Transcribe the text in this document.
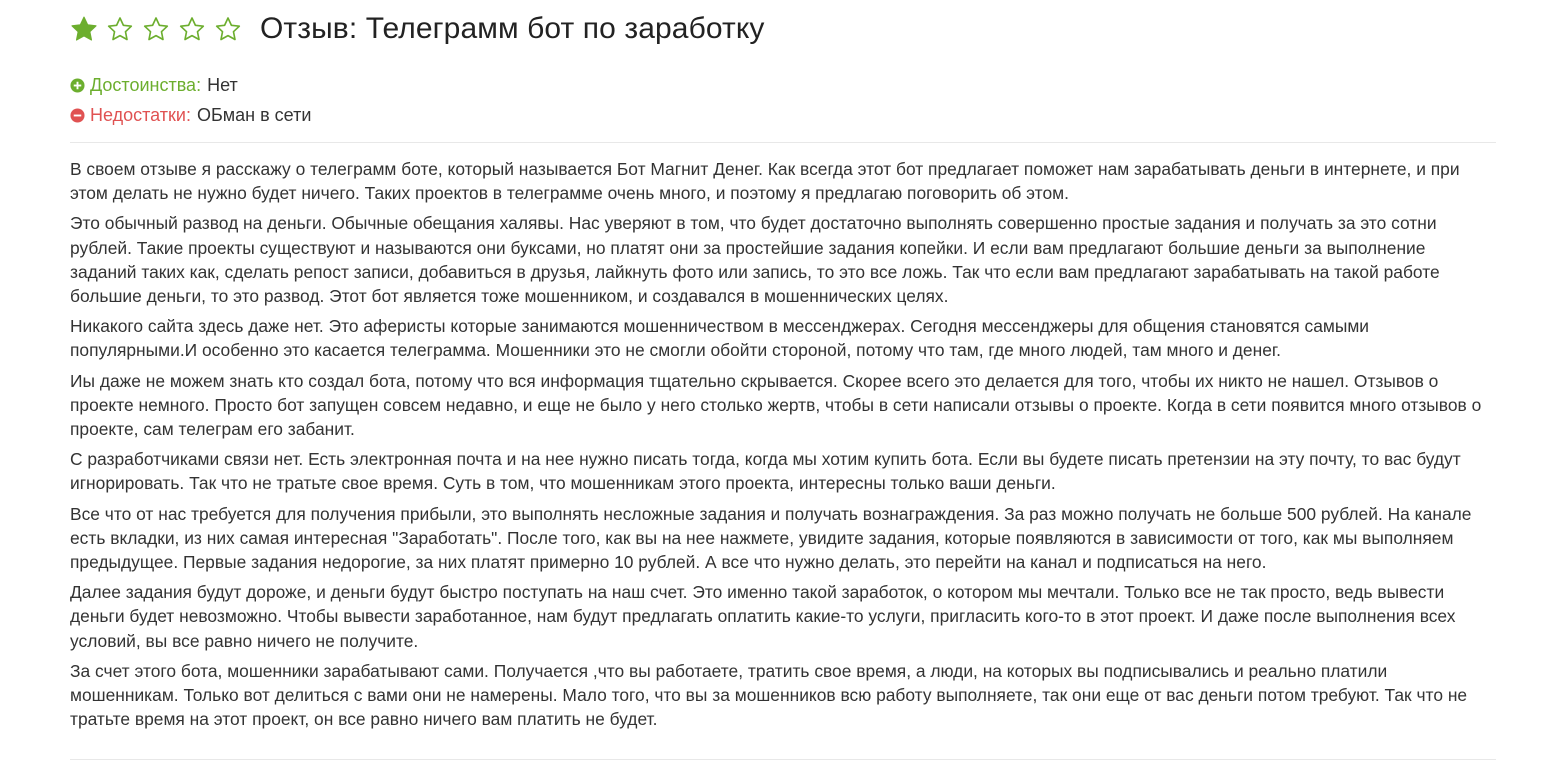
Отзыв: Телеграмм бот по заработку
Достоинства: Нет
Недостатки: ОБман в сети

В своем отзыве я расскажу о телеграмм боте, который называется Бот Магнит Денег. Как всегда этот бот предлагает поможет нам зарабатывать деньги в интернете, и при этом делать не нужно будет ничего. Таких проектов в телеграмме очень много, и поэтому я предлагаю поговорить об этом.

Это обычный развод на деньги. Обычные обещания халявы. Нас уверяют в том, что будет достаточно выполнять совершенно простые задания и получать за это сотни рублей. Такие проекты существуют и называются они буксами, но платят они за простейшие задания копейки. И если вам предлагают большие деньги за выполнение заданий таких как, сделать репост записи, добавиться в друзья, лайкнуть фото или запись, то это все ложь. Так что если вам предлагают зарабатывать на такой работе большие деньги, то это развод. Этот бот является тоже мошенником, и создавался в мошеннических целях.

Никакого сайта здесь даже нет. Это аферисты которые занимаются мошенничеством в мессенджерах. Сегодня мессенджеры для общения становятся самыми популярными.И особенно это касается телеграмма. Мошенники это не смогли обойти стороной, потому что там, где много людей, там много и денег.

Иы даже не можем знать кто создал бота, потому что вся информация тщательно скрывается. Скорее всего это делается для того, чтобы их никто не нашел. Отзывов о проекте немного. Просто бот запущен совсем недавно, и еще не было у него столько жертв, чтобы в сети написали отзывы о проекте. Когда в сети появится много отзывов о проекте, сам телеграм его забанит.

С разработчиками связи нет. Есть электронная почта и на нее нужно писать тогда, когда мы хотим купить бота. Если вы будете писать претензии на эту почту, то вас будут игнорировать. Так что не тратьте свое время. Суть в том, что мошенникам этого проекта, интересны только ваши деньги.

Все что от нас требуется для получения прибыли, это выполнять несложные задания и получать вознаграждения. За раз можно получать не больше 500 рублей. На канале есть вкладки, из них самая интересная "Заработать". После того, как вы на нее нажмете, увидите задания, которые появляются в зависимости от того, как мы выполняем предыдущее. Первые задания недорогие, за них платят примерно 10 рублей. А все что нужно делать, это перейти на канал и подписаться на него.

Далее задания будут дороже, и деньги будут быстро поступать на наш счет. Это именно такой заработок, о котором мы мечтали. Только все не так просто, ведь вывести деньги будет невозможно. Чтобы вывести заработанное, нам будут предлагать оплатить какие-то услуги, пригласить кого-то в этот проект. И даже после выполнения всех условий, вы все равно ничего не получите.

За счет этого бота, мошенники зарабатывают сами. Получается ,что вы работаете, тратить свое время, а люди, на которых вы подписывались и реально платили мошенникам. Только вот делиться с вами они не намерены. Мало того, что вы за мошенников всю работу выполняете, так они еще от вас деньги потом требуют. Так что не тратьте время на этот проект, он все равно ничего вам платить не будет.
